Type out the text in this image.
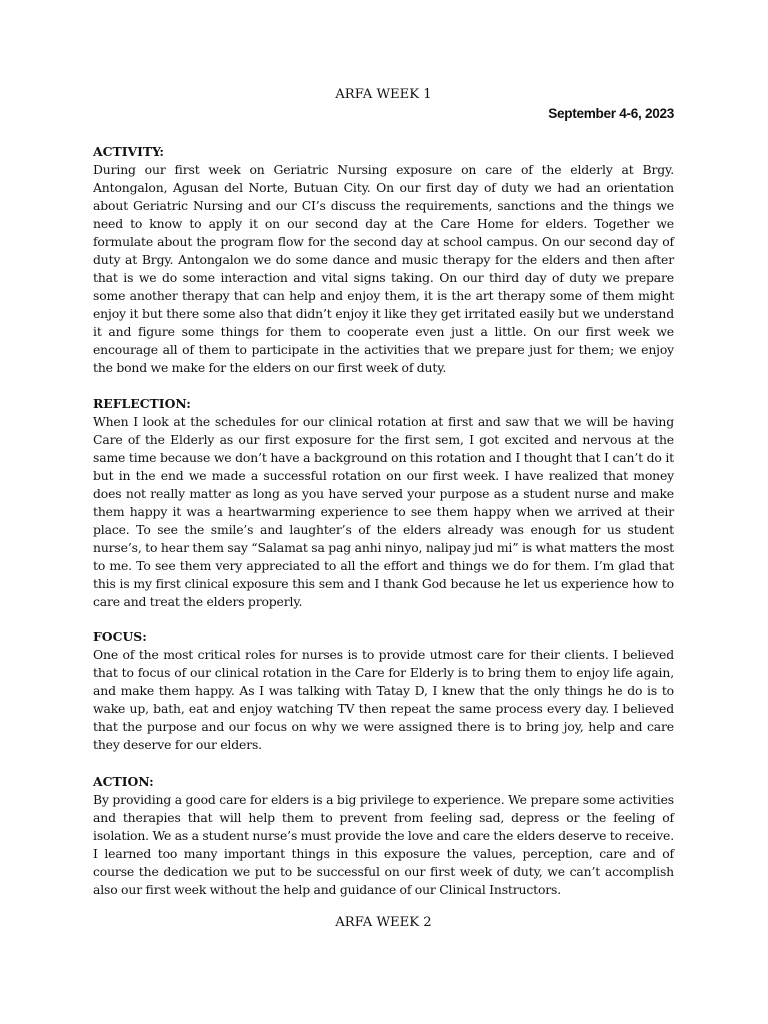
ARFA WEEK 1
September 4-6, 2023

ACTIVITY:

During our first week on Geriatric Nursing exposure on care of the elderly at Brgy. Antongalon, Agusan del Norte, Butuan City. On our first day of duty we had an orientation about Geriatric Nursing and our CI’s discuss the requirements, sanctions and the things we need to know to apply it on our second day at the Care Home for elders. Together we formulate about the program flow for the second day at school campus. On our second day of duty at Brgy. Antongalon we do some dance and music therapy for the elders and then after that is we do some interaction and vital signs taking. On our third day of duty we prepare some another therapy that can help and enjoy them, it is the art therapy some of them might enjoy it but there some also that didn’t enjoy it like they get irritated easily but we understand it and figure some things for them to cooperate even just a little. On our first week we encourage all of them to participate in the activities that we prepare just for them; we enjoy the bond we make for the elders on our first week of duty.

REFLECTION:

When I look at the schedules for our clinical rotation at first and saw that we will be having Care of the Elderly as our first exposure for the first sem, I got excited and nervous at the same time because we don’t have a background on this rotation and I thought that I can’t do it but in the end we made a successful rotation on our first week. I have realized that money does not really matter as long as you have served your purpose as a student nurse and make them happy it was a heartwarming experience to see them happy when we arrived at their place. To see the smile’s and laughter’s of the elders already was enough for us student nurse’s, to hear them say “Salamat sa pag anhi ninyo, nalipay jud mi” is what matters the most to me. To see them very appreciated to all the effort and things we do for them. I’m glad that this is my first clinical exposure this sem and I thank God because he let us experience how to care and treat the elders properly.

FOCUS:

One of the most critical roles for nurses is to provide utmost care for their clients. I believed that to focus of our clinical rotation in the Care for Elderly is to bring them to enjoy life again, and make them happy. As I was talking with Tatay D, I knew that the only things he do is to wake up, bath, eat and enjoy watching TV then repeat the same process every day. I believed that the purpose and our focus on why we were assigned there is to bring joy, help and care they deserve for our elders.

ACTION:

By providing a good care for elders is a big privilege to experience. We prepare some activities and therapies that will help them to prevent from feeling sad, depress or the feeling of isolation. We as a student nurse’s must provide the love and care the elders deserve to receive. I learned too many important things in this exposure the values, perception, care and of course the dedication we put to be successful on our first week of duty, we can’t accomplish also our first week without the help and guidance of our Clinical Instructors.

ARFA WEEK 2
